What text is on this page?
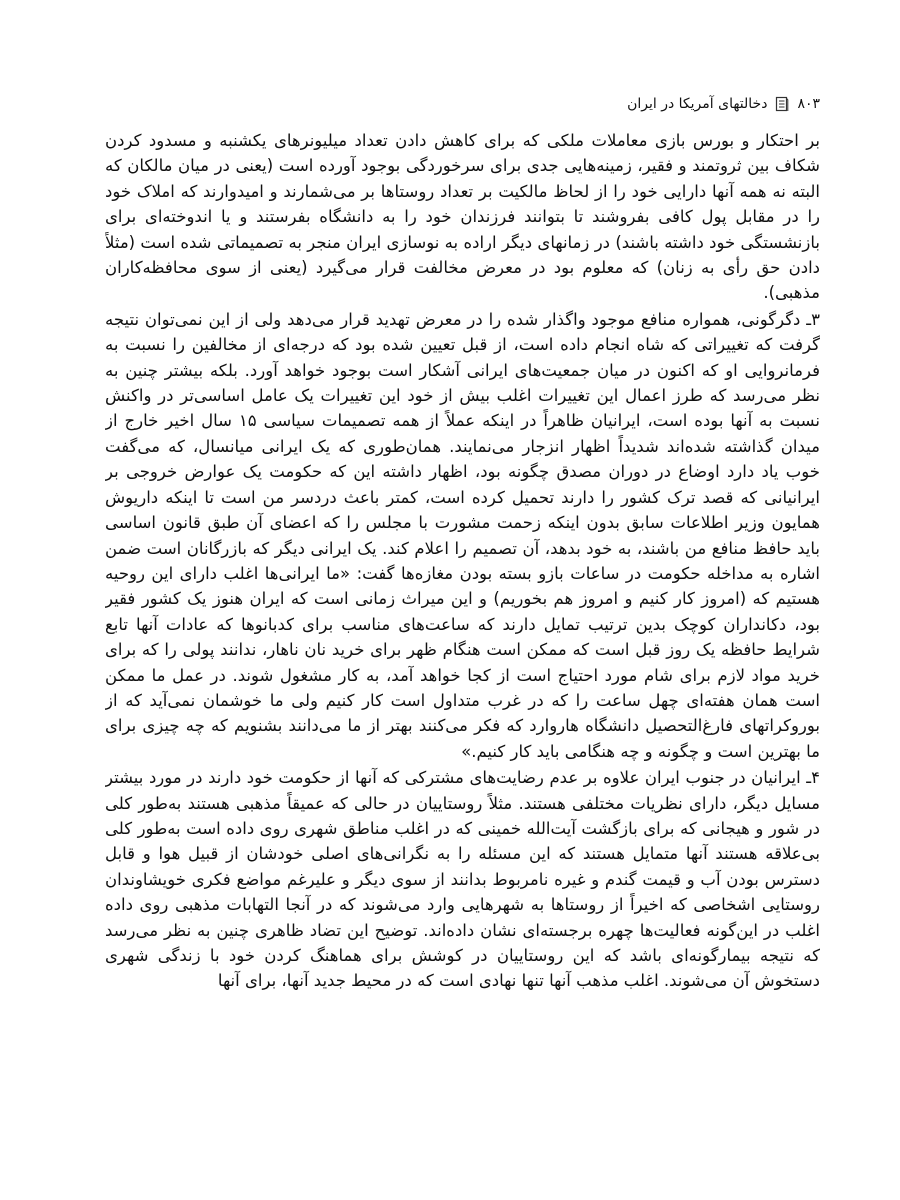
۸۰۳
دخالتهای آمریکا در ایران

بر احتکار و بورس بازی معاملات ملکی که برای کاهش دادن تعداد میلیونرهای یکشنبه و مسدود کردن شکاف بین ثروتمند و فقیر، زمینه‌هایی جدی برای سرخوردگی بوجود آورده است (یعنی در میان مالکان که البته نه همه آنها دارایی خود را از لحاظ مالکیت بر تعداد روستاها بر می‌شمارند و امیدوارند که املاک خود را در مقابل پول کافی بفروشند تا بتوانند فرزندان خود را به دانشگاه بفرستند و یا اندوخته‌ای برای بازنشستگی خود داشته باشند) در زمانهای دیگر اراده به نوسازی ایران منجر به تصمیماتی شده است (مثلاً دادن حق رأی به زنان) که معلوم بود در معرض مخالفت قرار می‌گیرد (یعنی از سوی محافظه‌کاران مذهبی).

۳ـ دگرگونی، همواره منافع موجود واگذار شده را در معرض تهدید قرار می‌دهد ولی از این نمی‌توان نتیجه گرفت که تغییراتی که شاه انجام داده است، از قبل تعیین شده بود که درجه‌ای از مخالفین را نسبت به فرمانروایی او که اکنون در میان جمعیت‌های ایرانی آشکار است بوجود خواهد آورد. بلکه بیشتر چنین به نظر می‌رسد که طرز اعمال این تغییرات اغلب بیش از خود این تغییرات یک عامل اساسی‌تر در واکنش نسبت به آنها بوده است، ایرانیان ظاهراً در اینکه عملاً از همه تصمیمات سیاسی ۱۵ سال اخیر خارج از میدان گذاشته شده‌اند شدیداً اظهار انزجار می‌نمایند. همان‌طوری که یک ایرانی میانسال، که می‌گفت خوب یاد دارد اوضاع در دوران مصدق چگونه بود، اظهار داشته این که حکومت یک عوارض خروجی بر ایرانیانی که قصد ترک کشور را دارند تحمیل کرده است، کمتر باعث دردسر من است تا اینکه داریوش همایون وزیر اطلاعات سابق بدون اینکه زحمت مشورت با مجلس را که اعضای آن طبق قانون اساسی باید حافظ منافع من باشند، به خود بدهد، آن تصمیم را اعلام کند. یک ایرانی دیگر که بازرگانان است ضمن اشاره به مداخله حکومت در ساعات بازو بسته بودن مغازه‌ها گفت: «ما ایرانی‌ها اغلب دارای این روحیه هستیم که (امروز کار کنیم و امروز هم بخوریم) و این میراث زمانی است که ایران هنوز یک کشور فقیر بود، دکانداران کوچک بدین ترتیب تمایل دارند که ساعت‌های مناسب برای کدبانوها که عادات آنها تابع شرایط حافظه یک روز قبل است که ممکن است هنگام ظهر برای خرید نان ناهار، ندانند پولی را که برای خرید مواد لازم برای شام مورد احتیاج است از کجا خواهد آمد، به کار مشغول شوند. در عمل ما ممکن است همان هفته‌ای چهل ساعت را که در غرب متداول است کار کنیم ولی ما خوشمان نمی‌آید که از بوروکراتهای فارغ‌التحصیل دانشگاه هاروارد که فکر می‌کنند بهتر از ما می‌دانند بشنویم که چه چیزی برای ما بهترین است و چگونه و چه هنگامی باید کار کنیم.»

۴ـ ایرانیان در جنوب ایران علاوه بر عدم رضایت‌های مشترکی که آنها از حکومت خود دارند در مورد بیشتر مسایل دیگر، دارای نظریات مختلفی هستند. مثلاً روستاییان در حالی که عمیقاً مذهبی هستند به‌طور کلی در شور و هیجانی که برای بازگشت آیت‌الله خمینی که در اغلب مناطق شهری روی داده است به‌طور کلی بی‌علاقه هستند آنها متمایل هستند که این مسئله را به نگرانی‌های اصلی خودشان از قبیل هوا و قابل دسترس بودن آب و قیمت گندم و غیره نامربوط بدانند از سوی دیگر و علیرغم مواضع فکری خویشاوندان روستایی اشخاصی که اخیراً از روستاها به شهرهایی وارد می‌شوند که در آنجا التهابات مذهبی روی داده اغلب در این‌گونه فعالیت‌ها چهره برجسته‌ای نشان داده‌اند. توضیح این تضاد ظاهری چنین به نظر می‌رسد که نتیجه بیمارگونه‌ای باشد که این روستاییان در کوشش برای هماهنگ کردن خود با زندگی شهری دستخوش آن می‌شوند. اغلب مذهب آنها تنها نهادی است که در محیط جدید آنها، برای آنها
